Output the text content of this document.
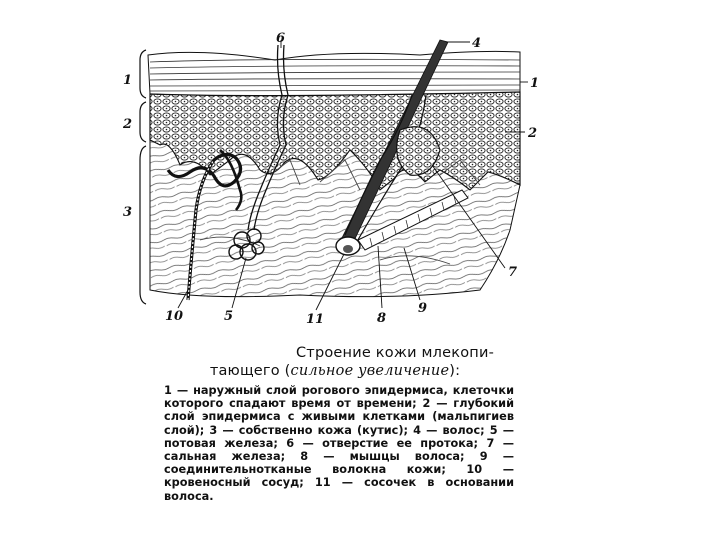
1
2
3
1
2
4
5
6
7
8
9
10	11
Строение кожи млекопи-
тающего (сильное увеличение):

1 — наружный слой рогового эпидермиса, клеточки которого спадают время от времени; 2 — глубокий слой эпидермиса с живыми клетками (мальпигиев слой); 3 — собственно кожа (кутис); 4 — волос; 5 — потовая железа; 6 — отверстие ее протока; 7 — сальная железа; 8 — мышцы волоса; 9 — соединительнотканые волокна кожи; 10 — кровеносный сосуд; 11 — сосочек в основании волоса.
